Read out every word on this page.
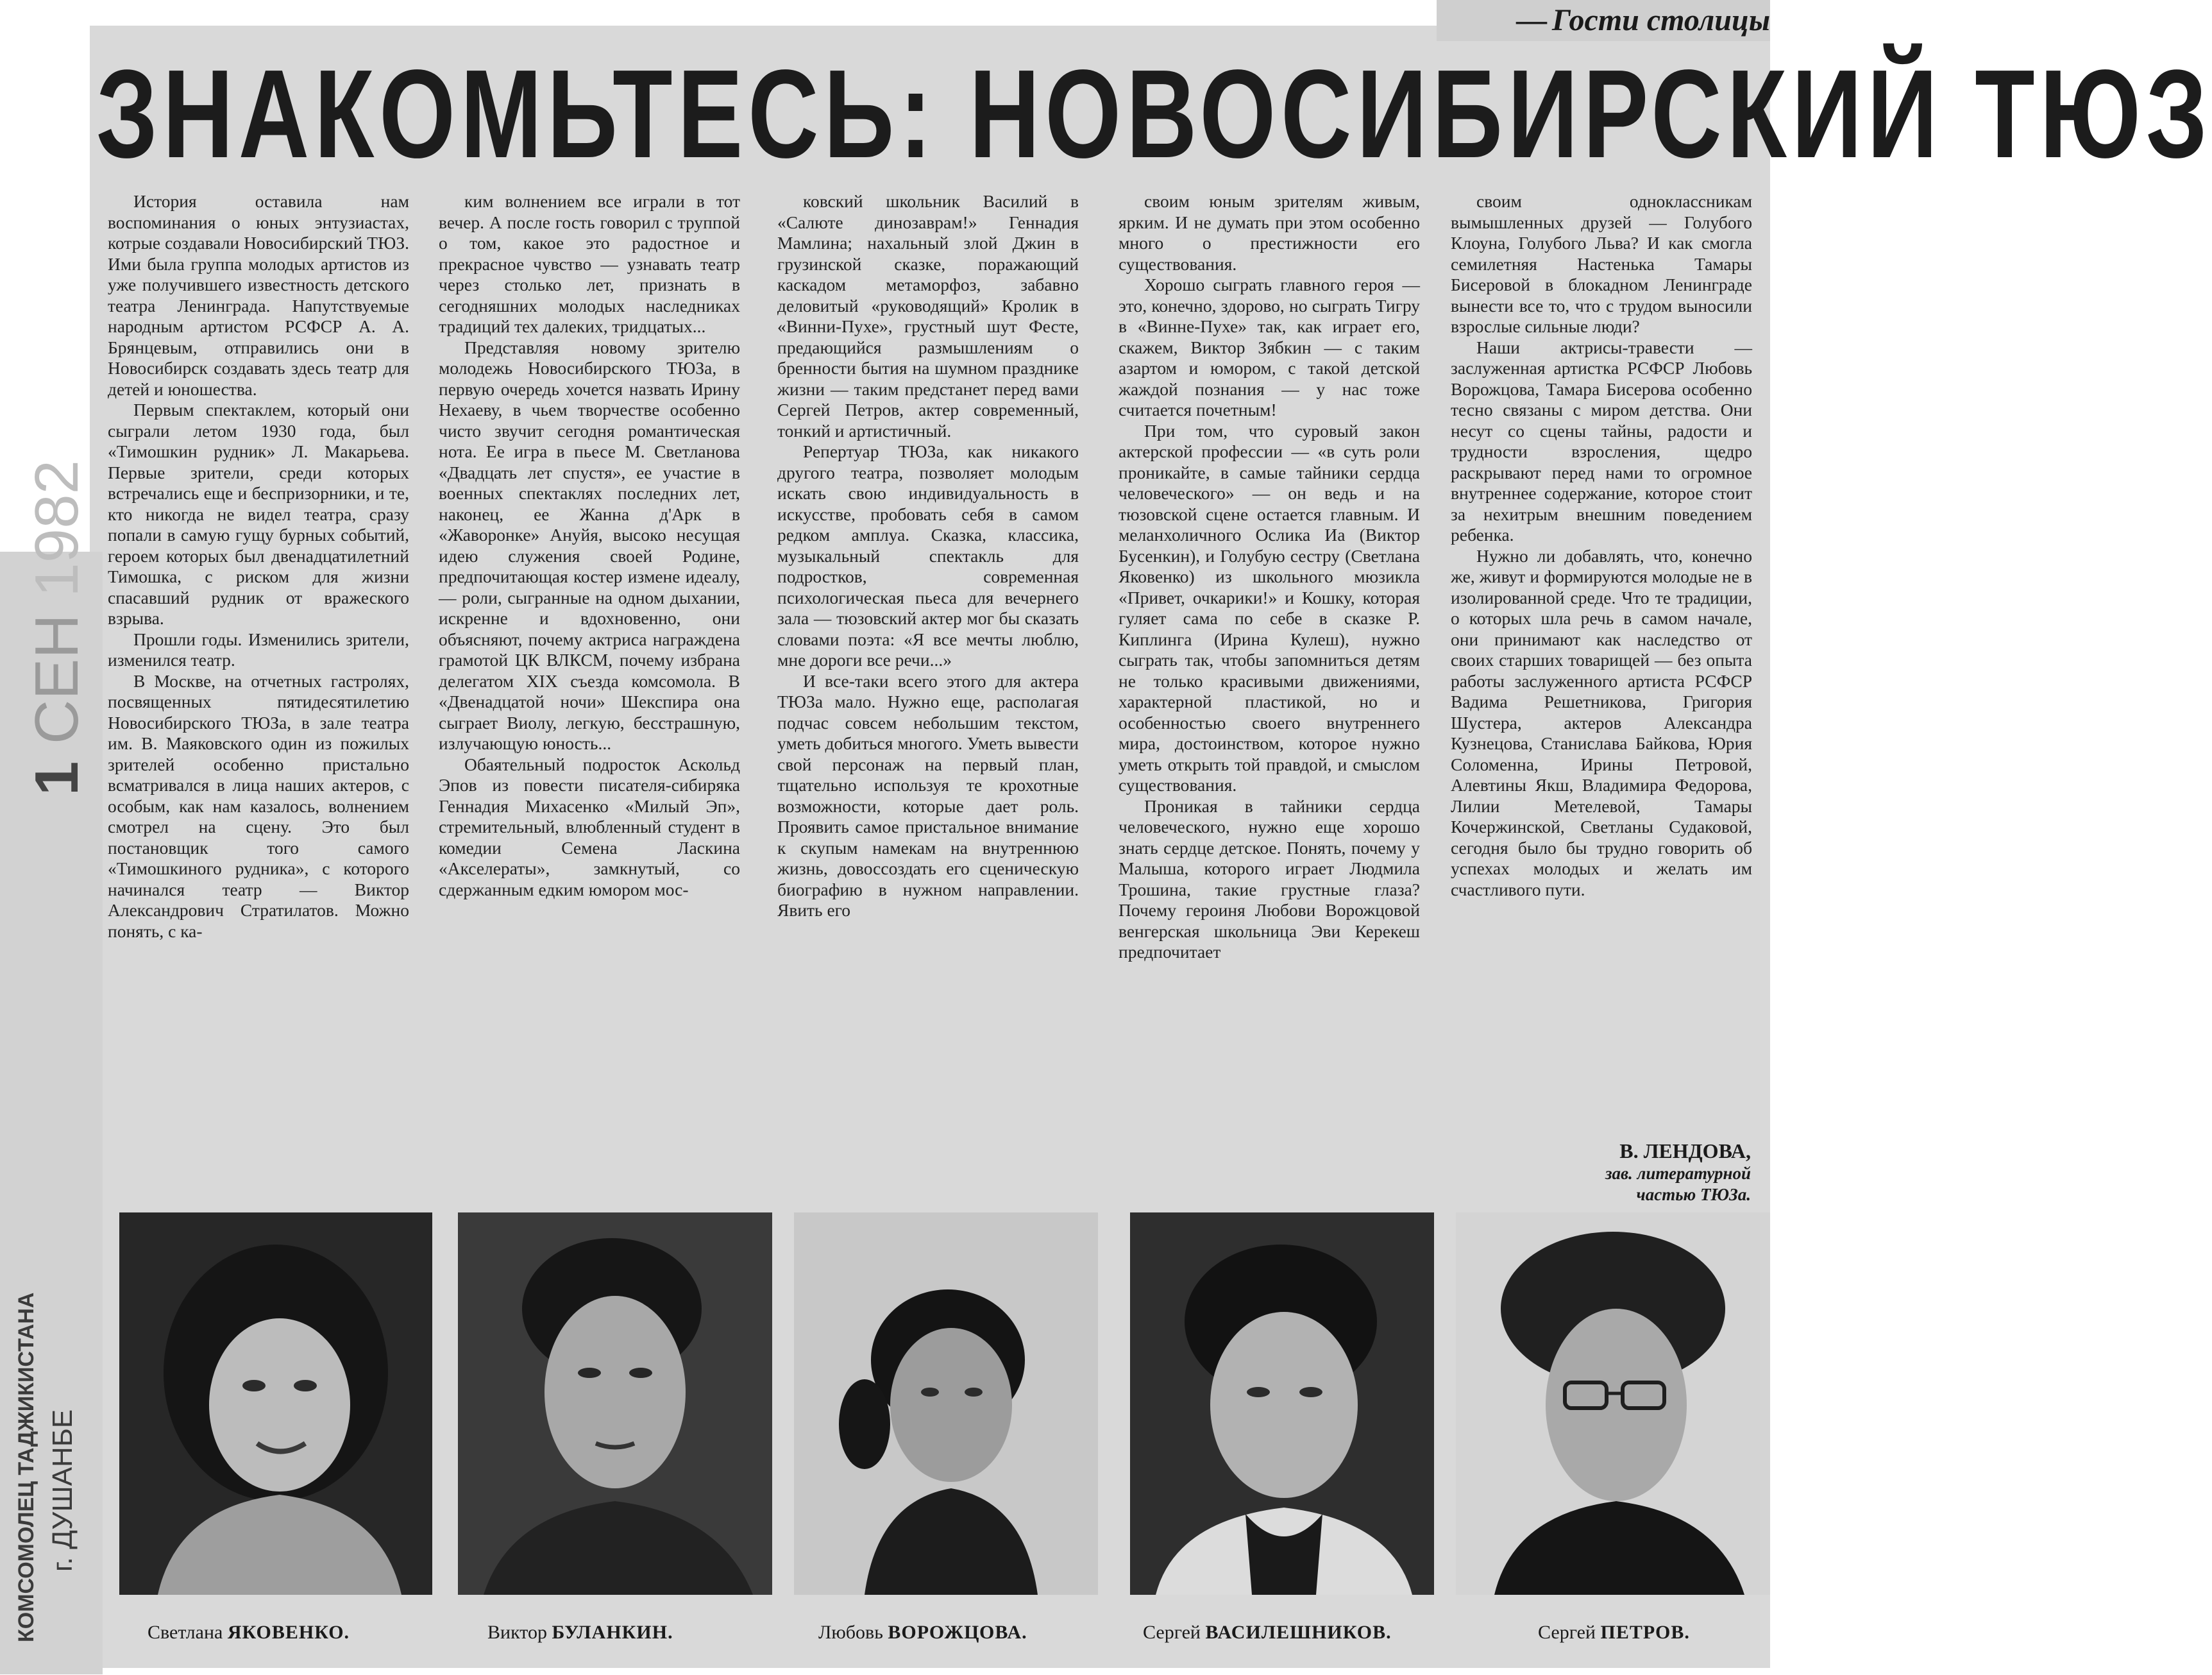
— Гости столицы
ЗНАКОМЬТЕСЬ: НОВОСИБИРСКИЙ ТЮЗ

История оставила нам воспоминания о юных энтузиастах, котрые создавали Новосибирский ТЮЗ. Ими была группа молодых артистов из уже получившего известность детского театра Ленинграда. Напутствуемые народным артистом РСФСР А. А. Брянцевым, отправились они в Новосибирск создавать здесь театр для детей и юношества.

Первым спектаклем, который они сыграли летом 1930 года, был «Тимошкин рудник» Л. Макарьева. Первые зрители, среди которых встречались еще и беспризорники, и те, кто никогда не видел театра, сразу попали в самую гущу бурных событий, героем которых был двенадцатилетний Тимошка, с риском для жизни спасавший рудник от вражеского взрыва.

Прошли годы. Изменились зрители, изменился театр.

В Москве, на отчетных гастролях, посвященных пятидесятилетию Новосибирского ТЮЗа, в зале театра им. В. Маяковского один из пожилых зрителей особенно пристально всматривался в лица наших актеров, с особым, как нам казалось, волнением смотрел на сцену. Это был постановщик того самого «Тимошкиного рудника», с которого начинался театр — Виктор Александрович Стратилатов. Можно понять, с ка-

ким волнением все играли в тот вечер. А после гость говорил с труппой о том, какое это радостное и прекрасное чувство — узнавать театр через столько лет, признать в сегодняшних молодых наследниках традиций тех далеких, тридцатых...

Представляя новому зрителю молодежь Новосибирского ТЮЗа, в первую очередь хочется назвать Ирину Нехаеву, в чьем творчестве особенно чисто звучит сегодня романтическая нота. Ее игра в пьесе М. Светланова «Двадцать лет спустя», ее участие в военных спектаклях последних лет, наконец, ее Жанна д'Арк в «Жаворонке» Ануйя, высоко несущая идею служения своей Родине, предпочитающая костер измене идеалу, — роли, сыгранные на одном дыхании, искренне и вдохновенно, они объясняют, почему актриса награждена грамотой ЦК ВЛКСМ, почему избрана делегатом XIX съезда комсомола. В «Двенадцатой ночи» Шекспира она сыграет Виолу, легкую, бесстрашную, излучающую юность...

Обаятельный подросток Аскольд Эпов из повести писателя-сибиряка Геннадия Михасенко «Милый Эп», стремительный, влюбленный студент в комедии Семена Ласкина «Акселераты», замкнутый, со сдержанным едким юмором мос-

ковский школьник Василий в «Салюте динозаврам!» Геннадия Мамлина; нахальный злой Джин в грузинской сказке, поражающий каскадом метаморфоз, забавно деловитый «руководящий» Кролик в «Винни-Пухе», грустный шут Фесте, предающийся размышлениям о бренности бытия на шумном празднике жизни — таким предстанет перед вами Сергей Петров, актер современный, тонкий и артистичный.

Репертуар ТЮЗа, как никакого другого театра, позволяет молодым искать свою индивидуальность в искусстве, пробовать себя в самом редком амплуа. Сказка, классика, музыкальный спектакль для подростков, современная психологическая пьеса для вечернего зала — тюзовский актер мог бы сказать словами поэта: «Я все мечты люблю, мне дороги все речи...»

И все-таки всего этого для актера ТЮЗа мало. Нужно еще, располагая подчас совсем небольшим текстом, уметь добиться многого. Уметь вывести свой персонаж на первый план, тщательно используя те крохотные возможности, которые дает роль. Проявить самое пристальное внимание к скупым намекам на внутреннюю жизнь, довоссоздать его сценическую биографию в нужном направлении. Явить его

своим юным зрителям живым, ярким. И не думать при этом особенно много о престижности его существования.

Хорошо сыграть главного героя — это, конечно, здорово, но сыграть Тигру в «Винне-Пухе» так, как играет его, скажем, Виктор Зябкин — с таким азартом и юмором, с такой детской жаждой познания — у нас тоже считается почетным!

При том, что суровый закон актерской профессии — «в суть роли проникайте, в самые тайники сердца человеческого» — он ведь и на тюзовской сцене остается главным. И меланхоличного Ослика Иа (Виктор Бусенкин), и Голубую сестру (Светлана Яковенко) из школьного мюзикла «Привет, очкарики!» и Кошку, которая гуляет сама по себе в сказке Р. Киплинга (Ирина Кулеш), нужно сыграть так, чтобы запомниться детям не только красивыми движениями, характерной пластикой, но и особенностью своего внутреннего мира, достоинством, которое нужно уметь открыть той правдой, и смыслом существования.

Проникая в тайники сердца человеческого, нужно еще хорошо знать сердце детское. Понять, почему у Малыша, которого играет Людмила Трошина, такие грустные глаза? Почему героиня Любови Ворожцовой венгерская школьница Эви Керекеш предпочитает

своим одноклассникам вымышленных друзей — Голубого Клоуна, Голубого Льва? И как смогла семилетняя Настенька Тамары Бисеровой в блокадном Ленинграде вынести все то, что с трудом выносили взрослые сильные люди?

Наши актрисы-травести — заслуженная артистка РСФСР Любовь Ворожцова, Тамара Бисерова особенно тесно связаны с миром детства. Они несут со сцены тайны, радости и трудности взросления, щедро раскрывают перед нами то огромное внутреннее содержание, которое стоит за нехитрым внешним поведением ребенка.

Нужно ли добавлять, что, конечно же, живут и формируются молодые не в изолированной среде. Что те традиции, о которых шла речь в самом начале, они принимают как наследство от своих старших товарищей — без опыта работы заслуженного артиста РСФСР Вадима Решетникова, Григория Шустера, актеров Александра Кузнецова, Станислава Байкова, Юрия Соломенна, Ирины Петровой, Алевтины Якш, Владимира Федорова, Лилии Метелевой, Тамары Кочержинской, Светланы Судаковой, сегодня было бы трудно говорить об успехах молодых и желать им счастливого пути.

В. ЛЕНДОВА,
зав. литературной
частью ТЮЗа.
Светлана ЯКОВЕНКО.	Виктор БУЛАНКИН.	Любовь ВОРОЖЦОВА.	Сергей ВАСИЛЕШНИКОВ.	Сергей ПЕТРОВ.
КОМСОМОЛЕЦ ТАДЖИКИСТАНА г. ДУШАНБЕ
1 СЕН 1982
